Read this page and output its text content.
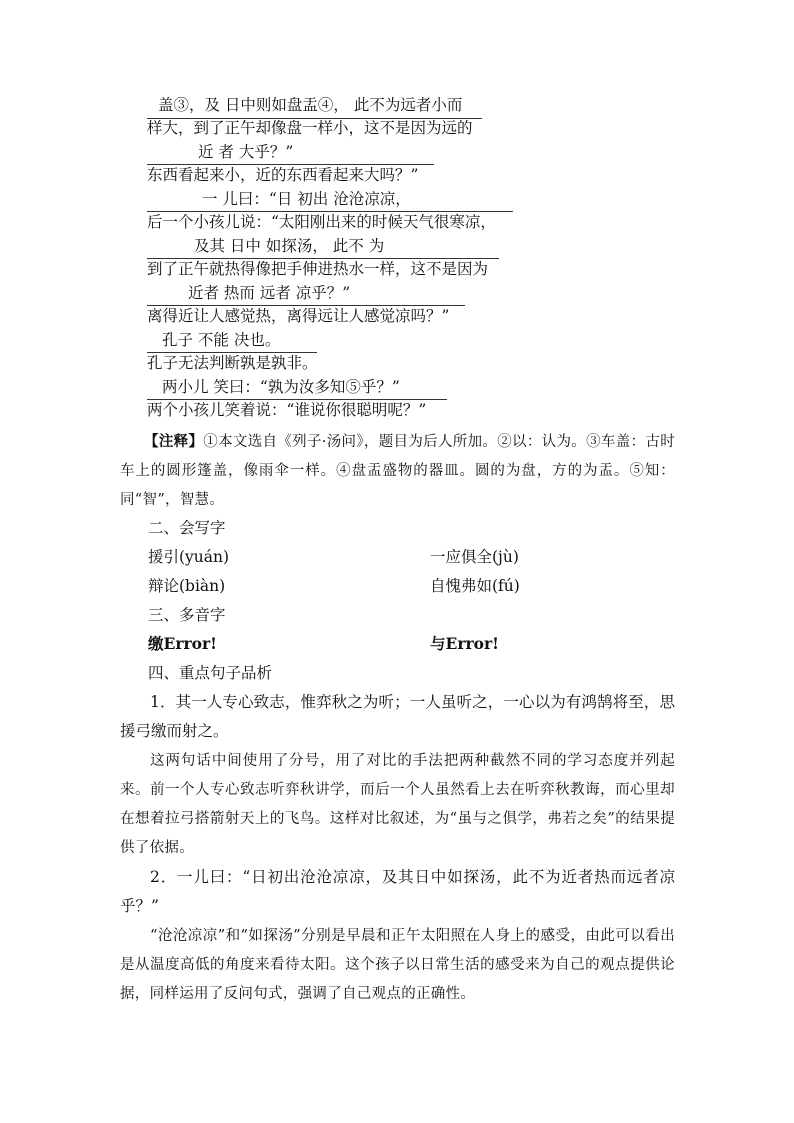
盖③，及 日中则如盘盂④， 此不为远者小而
样大，到了正午却像盘一样小，这不是因为远的
近 者 大乎？”
东西看起来小，近的东西看起来大吗？”
一 儿曰：“日 初出 沧沧凉凉，
后一个小孩儿说：“太阳刚出来的时候天气很寒凉，
及其 日中 如探汤， 此不 为
到了正午就热得像把手伸进热水一样，这不是因为
近者 热而 远者 凉乎？”
离得近让人感觉热，离得远让人感觉凉吗？”
孔子 不能 决也。
孔子无法判断孰是孰非。
两小儿 笑曰：“孰为汝多知⑤乎？”
两个小孩儿笑着说：“谁说你很聪明呢？”
【注释】①本文选自《列子·汤问》，题目为后人所加。②以：认为。③车盖：古时车上的圆形篷盖，像雨伞一样。④盘盂盛物的器皿。圆的为盘，方的为盂。⑤知：同“智”，智慧。
二、会写字
援引(yuán)	一应俱全(jù)
辩论(biàn)	自愧弗如(fú)
三、多音字
缴Error!	与Error!
四、重点句子品析
1．其一人专心致志，惟弈秋之为听；一人虽听之，一心以为有鸿鹄将至，思援弓缴而射之。
这两句话中间使用了分号，用了对比的手法把两种截然不同的学习态度并列起来。前一个人专心致志听弈秋讲学，而后一个人虽然看上去在听弈秋教诲，而心里却在想着拉弓搭箭射天上的飞鸟。这样对比叙述，为“虽与之俱学，弗若之矣”的结果提供了依据。
2．一儿曰：“日初出沧沧凉凉，及其日中如探汤，此不为近者热而远者凉乎？”
“沧沧凉凉”和“如探汤”分别是早晨和正午太阳照在人身上的感受，由此可以看出是从温度高低的角度来看待太阳。这个孩子以日常生活的感受来为自己的观点提供论据，同样运用了反问句式，强调了自己观点的正确性。
